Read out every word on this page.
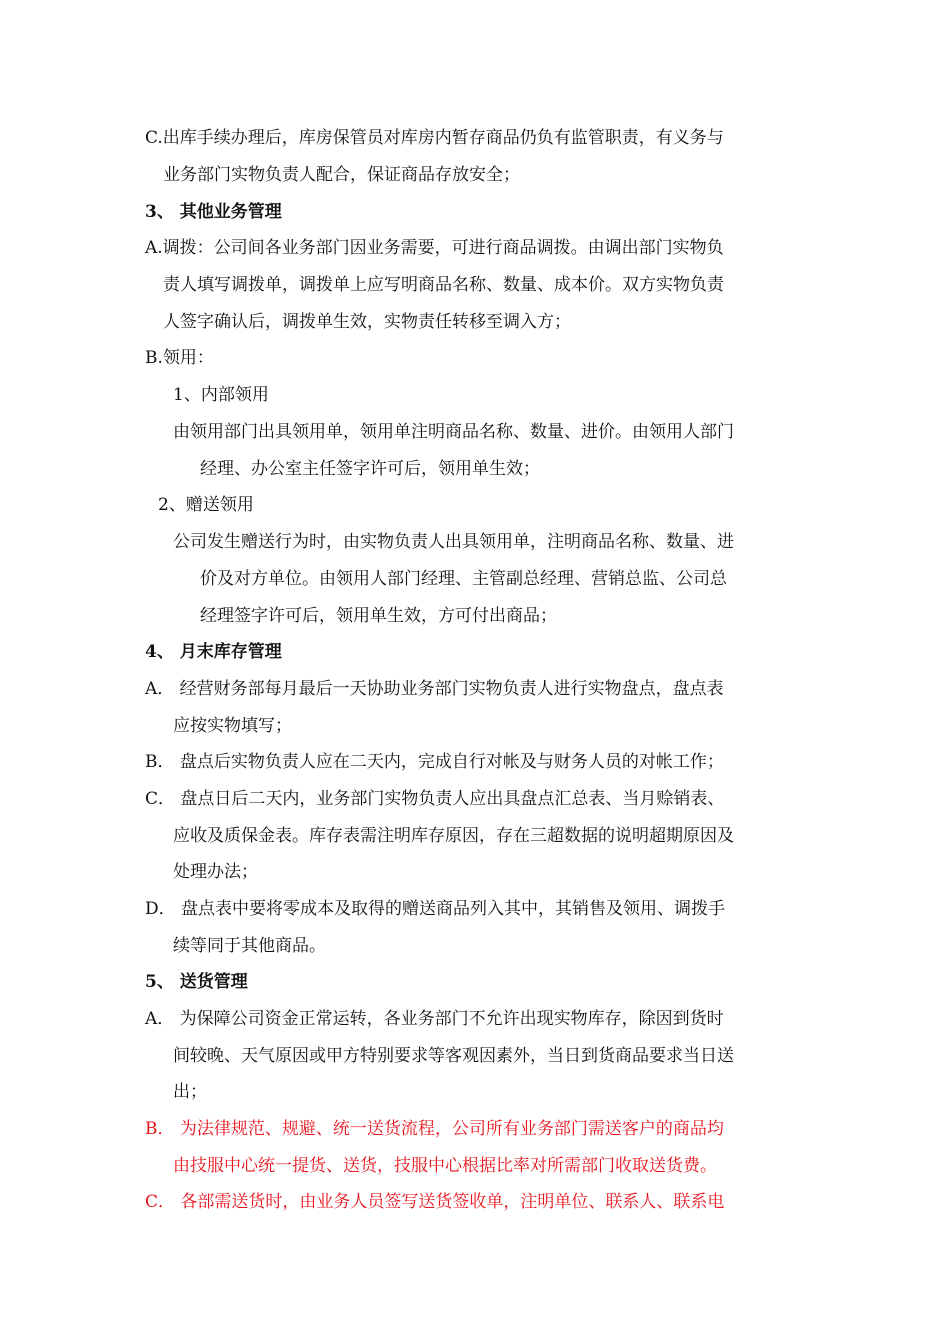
C.出库手续办理后，库房保管员对库房内暂存商品仍负有监管职责，有义务与
业务部门实物负责人配合，保证商品存放安全；
3、 其他业务管理
A.调拨：公司间各业务部门因业务需要，可进行商品调拨。由调出部门实物负
责人填写调拨单，调拨单上应写明商品名称、数量、成本价。双方实物负责
人签字确认后，调拨单生效，实物责任转移至调入方；
B.领用：
1、内部领用
由领用部门出具领用单，领用单注明商品名称、数量、进价。由领用人部门
经理、办公室主任签字许可后，领用单生效；
2、赠送领用
公司发生赠送行为时，由实物负责人出具领用单，注明商品名称、数量、进
价及对方单位。由领用人部门经理、主管副总经理、营销总监、公司总
经理签字许可后，领用单生效，方可付出商品；
4、 月末库存管理
A． 经营财务部每月最后一天协助业务部门实物负责人进行实物盘点，盘点表
应按实物填写；
B． 盘点后实物负责人应在二天内，完成自行对帐及与财务人员的对帐工作；
C． 盘点日后二天内，业务部门实物负责人应出具盘点汇总表、当月赊销表、
应收及质保金表。库存表需注明库存原因，存在三超数据的说明超期原因及
处理办法；
D． 盘点表中要将零成本及取得的赠送商品列入其中，其销售及领用、调拨手
续等同于其他商品。
5、 送货管理
A． 为保障公司资金正常运转，各业务部门不允许出现实物库存，除因到货时
间较晚、天气原因或甲方特别要求等客观因素外，当日到货商品要求当日送
出；
B． 为法律规范、规避、统一送货流程，公司所有业务部门需送客户的商品均
由技服中心统一提货、送货，技服中心根据比率对所需部门收取送货费。
C． 各部需送货时，由业务人员签写送货签收单，注明单位、联系人、联系电
